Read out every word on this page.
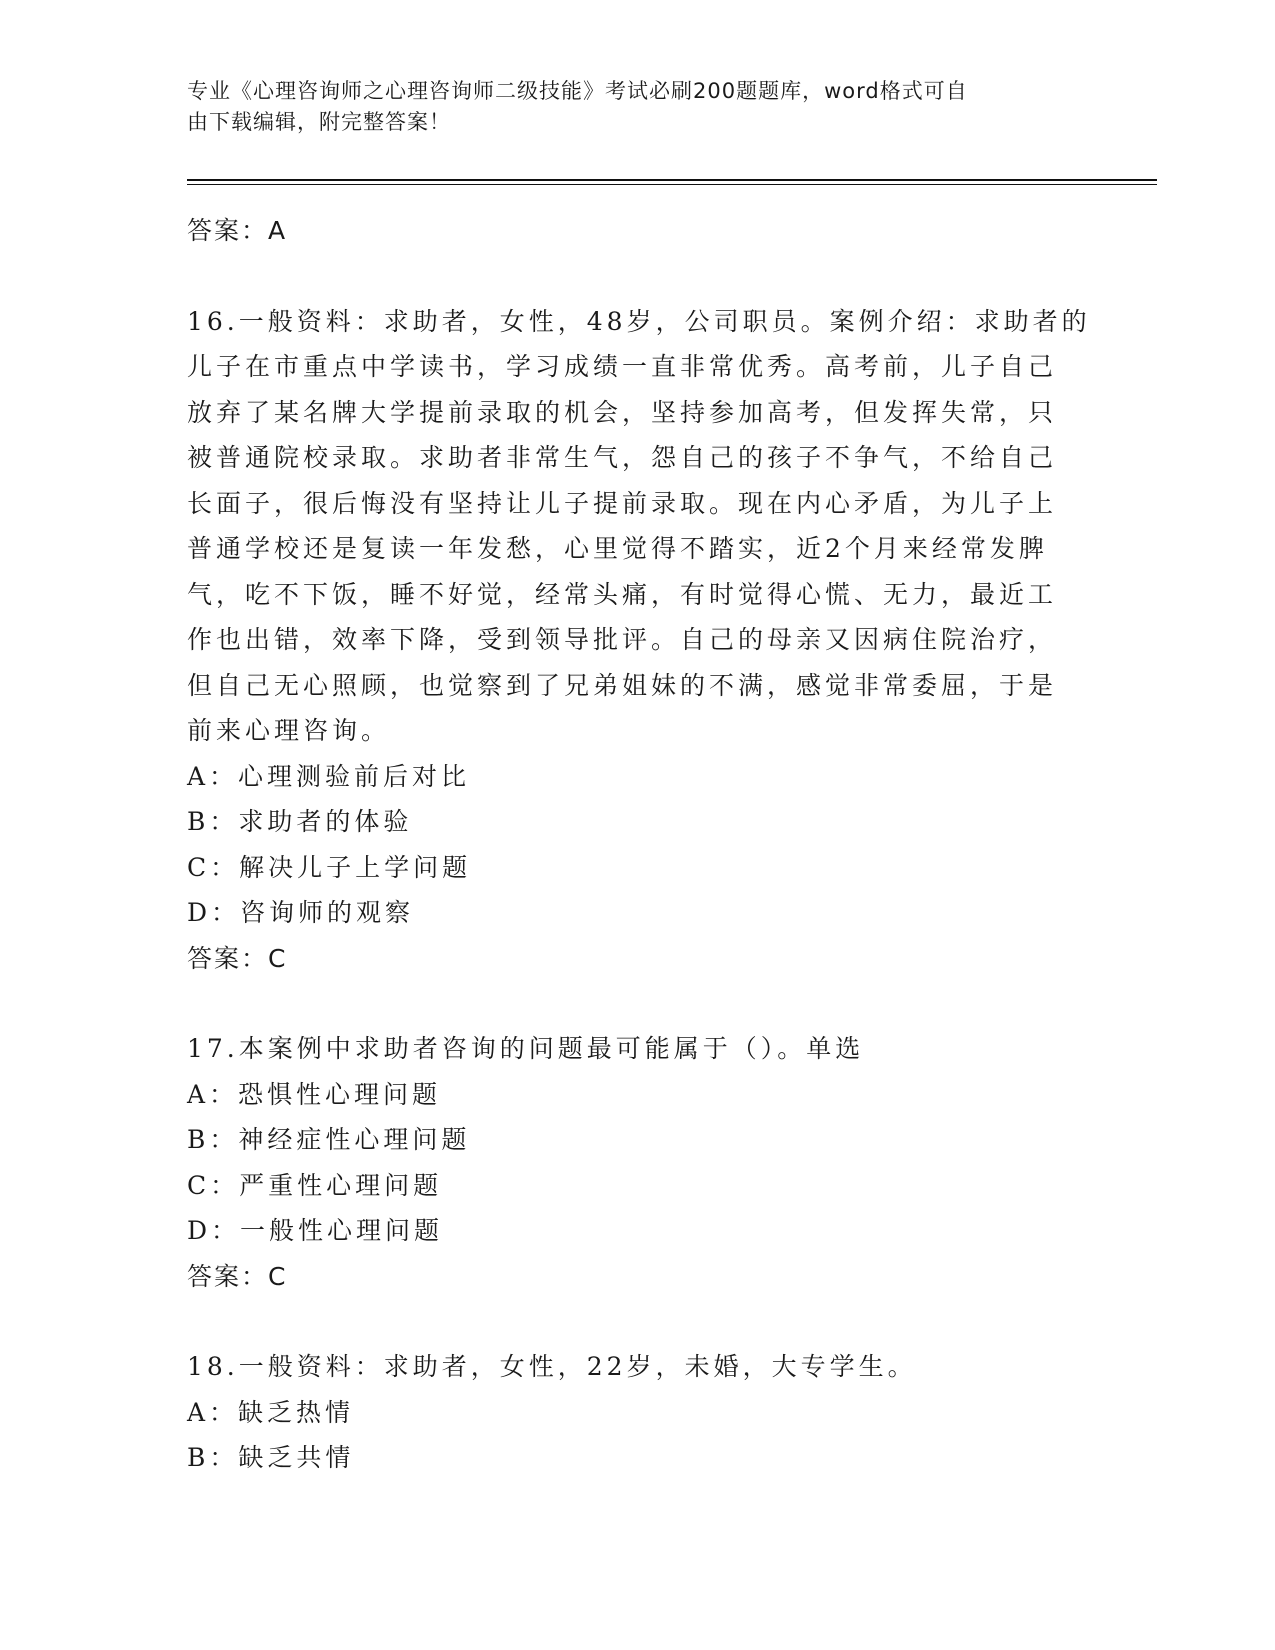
专业《心理咨询师之心理咨询师二级技能》考试必刷200题题库，word格式可自
由下载编辑，附完整答案！
答案：A
16.一般资料：求助者，女性，48岁，公司职员。案例介绍：求助者的
儿子在市重点中学读书，学习成绩一直非常优秀。高考前，儿子自己
放弃了某名牌大学提前录取的机会，坚持参加高考，但发挥失常，只
被普通院校录取。求助者非常生气，怨自己的孩子不争气，不给自己
长面子，很后悔没有坚持让儿子提前录取。现在内心矛盾，为儿子上
普通学校还是复读一年发愁，心里觉得不踏实，近2个月来经常发脾
气，吃不下饭，睡不好觉，经常头痛，有时觉得心慌、无力，最近工
作也出错，效率下降，受到领导批评。自己的母亲又因病住院治疗，
但自己无心照顾，也觉察到了兄弟姐妹的不满，感觉非常委屈，于是
前来心理咨询。
A：心理测验前后对比
B：求助者的体验
C：解决儿子上学问题
D：咨询师的观察
答案：C
17.本案例中求助者咨询的问题最可能属于（）。单选
A：恐惧性心理问题
B：神经症性心理问题
C：严重性心理问题
D：一般性心理问题
答案：C
18.一般资料：求助者，女性，22岁，未婚，大专学生。
A：缺乏热情
B：缺乏共情
